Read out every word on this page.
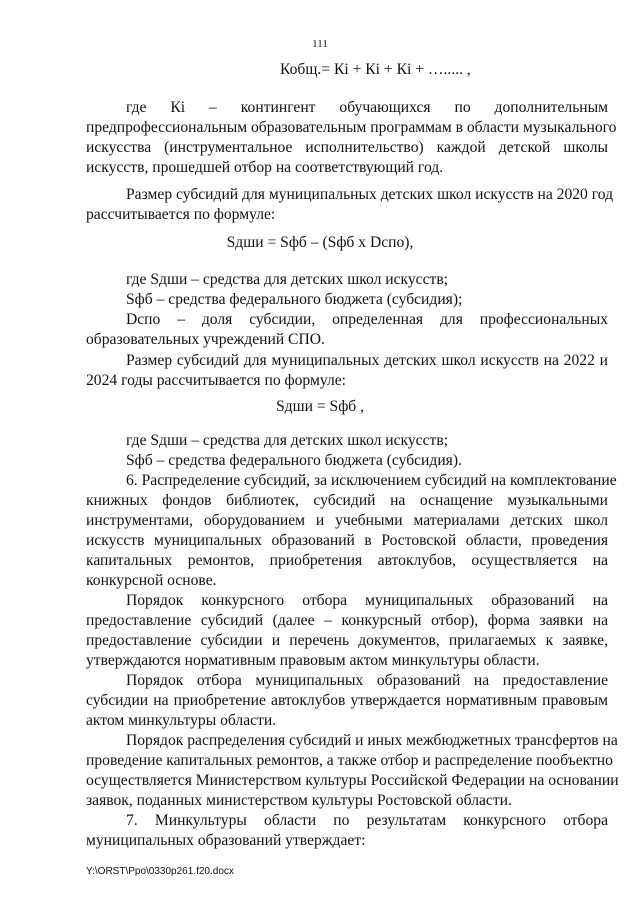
111
Кобщ.= Кi + Кi + Кi + …..... ,
где Кi – контингент обучающихся по дополнительным
предпрофессиональным образовательным программам в области музыкального
искусства (инструментальное исполнительство) каждой детской школы
искусств, прошедшей отбор на соответствующий год.
Размер субсидий для муниципальных детских школ искусств на 2020 год
рассчитывается по формуле:
Sдши = Sфб – (Sфб х Dспо),
где Sдши – средства для детских школ искусств;
Sфб – средства федерального бюджета (субсидия);
Dспо – доля субсидии, определенная для профессиональных
образовательных учреждений СПО.
Размер субсидий для муниципальных детских школ искусств на 2022 и
2024 годы рассчитывается по формуле:
Sдши = Sфб ,
где Sдши – средства для детских школ искусств;
Sфб – средства федерального бюджета (субсидия).
6. Распределение субсидий, за исключением субсидий на комплектование
книжных фондов библиотек, субсидий на оснащение музыкальными
инструментами, оборудованием и учебными материалами детских школ
искусств муниципальных образований в Ростовской области, проведения
капитальных ремонтов, приобретения автоклубов, осуществляется на
конкурсной основе.
Порядок конкурсного отбора муниципальных образований на
предоставление субсидий (далее – конкурсный отбор), форма заявки на
предоставление субсидии и перечень документов, прилагаемых к заявке,
утверждаются нормативным правовым актом минкультуры области.
Порядок отбора муниципальных образований на предоставление
субсидии на приобретение автоклубов утверждается нормативным правовым
актом минкультуры области.
Порядок распределения субсидий и иных межбюджетных трансфертов на
проведение капитальных ремонтов, а также отбор и распределение пообъектно
осуществляется Министерством культуры Российской Федерации на основании
заявок, поданных министерством культуры Ростовской области.
7. Минкультуры области по результатам конкурсного отбора
муниципальных образований утверждает:
Y:\ORST\Ppo\0330p261.f20.docx
